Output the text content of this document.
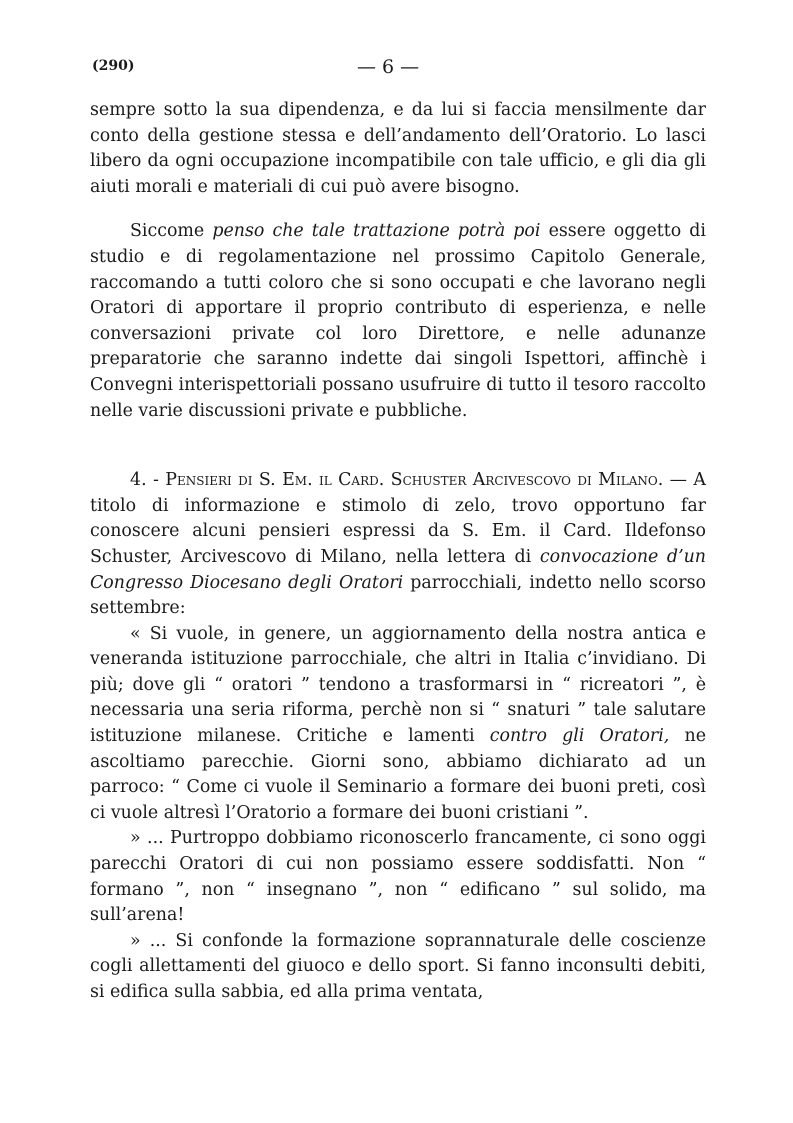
(290)	— 6 —

sempre sotto la sua dipendenza, e da lui si faccia mensilmente dar conto della gestione stessa e dell’andamento dell’Oratorio. Lo lasci libero da ogni occupazione incompatibile con tale ufficio, e gli dia gli aiuti morali e materiali di cui può avere bisogno.

Siccome penso che tale trattazione potrà poi essere oggetto di studio e di regolamentazione nel prossimo Capitolo Generale, raccomando a tutti coloro che si sono occupati e che lavorano negli Oratori di apportare il proprio contributo di esperienza, e nelle conversazioni private col loro Direttore, e nelle adunanze preparatorie che saranno indette dai singoli Ispettori, affinchè i Convegni interispettoriali possano usufruire di tutto il tesoro raccolto nelle varie discussioni private e pubbliche.

4. - Pensieri di S. Em. il Card. Schuster Arcivescovo di Milano. — A titolo di informazione e stimolo di zelo, trovo opportuno far conoscere alcuni pensieri espressi da S. Em. il Card. Ildefonso Schuster, Arcivescovo di Milano, nella lettera di convocazione d’un Congresso Diocesano degli Oratori parrocchiali, indetto nello scorso settembre:

« Si vuole, in genere, un aggiornamento della nostra antica e veneranda istituzione parrocchiale, che altri in Italia c’invidiano. Di più; dove gli “ oratori ” tendono a trasformarsi in “ ricreatori ”, è necessaria una seria riforma, perchè non si “ snaturi ” tale salutare istituzione milanese. Critiche e lamenti contro gli Oratori, ne ascoltiamo parecchie. Giorni sono, abbiamo dichiarato ad un parroco: “ Come ci vuole il Seminario a formare dei buoni preti, così ci vuole altresì l’Oratorio a formare dei buoni cristiani ”.

» ... Purtroppo dobbiamo riconoscerlo francamente, ci sono oggi parecchi Oratori di cui non possiamo essere soddisfatti. Non “ formano ”, non “ insegnano ”, non “ edificano ” sul solido, ma sull’arena!

» ... Si confonde la formazione soprannaturale delle coscienze cogli allettamenti del giuoco e dello sport. Si fanno inconsulti debiti, si edifica sulla sabbia, ed alla prima ventata,
